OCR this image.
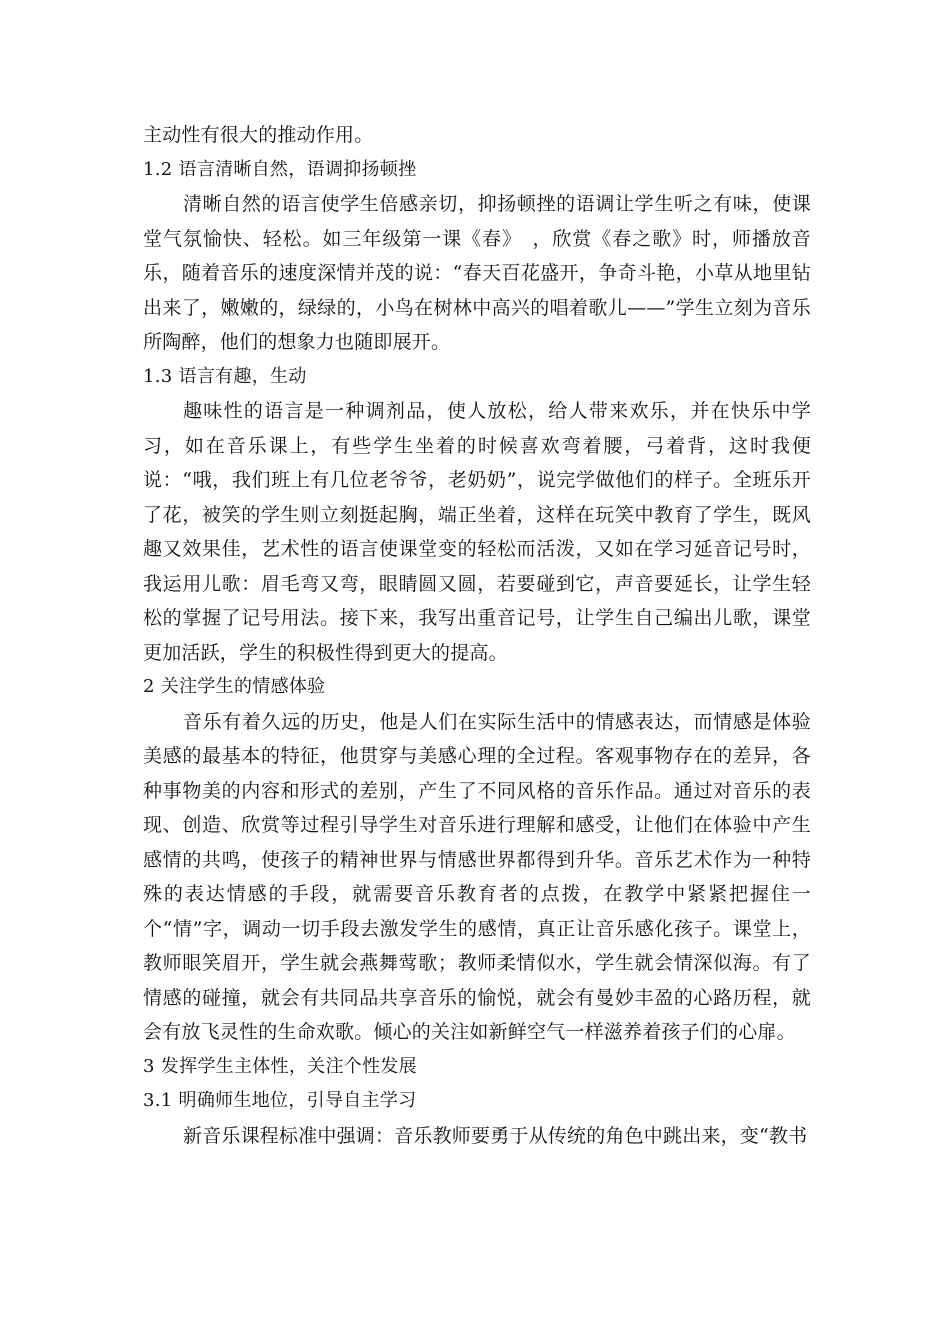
主动性有很大的推动作用。

1.2 语言清晰自然，语调抑扬顿挫

清晰自然的语言使学生倍感亲切，抑扬顿挫的语调让学生听之有味，使课堂气氛愉快、轻松。如三年级第一课《春》　，欣赏《春之歌》时，师播放音乐，随着音乐的速度深情并茂的说：“春天百花盛开，争奇斗艳，小草从地里钻出来了，嫩嫩的，绿绿的，小鸟在树林中高兴的唱着歌儿——”学生立刻为音乐所陶醉，他们的想象力也随即展开。

1.3 语言有趣，生动

趣味性的语言是一种调剂品，使人放松，给人带来欢乐，并在快乐中学习，如在音乐课上，有些学生坐着的时候喜欢弯着腰，弓着背，这时我便说：“哦，我们班上有几位老爷爷，老奶奶”，说完学做他们的样子。全班乐开了花，被笑的学生则立刻挺起胸，端正坐着，这样在玩笑中教育了学生，既风趣又效果佳，艺术性的语言使课堂变的轻松而活泼，又如在学习延音记号时，我运用儿歌：眉毛弯又弯，眼睛圆又圆，若要碰到它，声音要延长，让学生轻松的掌握了记号用法。接下来，我写出重音记号，让学生自己编出儿歌，课堂更加活跃，学生的积极性得到更大的提高。

2 关注学生的情感体验

音乐有着久远的历史，他是人们在实际生活中的情感表达，而情感是体验美感的最基本的特征，他贯穿与美感心理的全过程。客观事物存在的差异，各种事物美的内容和形式的差别，产生了不同风格的音乐作品。通过对音乐的表现、创造、欣赏等过程引导学生对音乐进行理解和感受，让他们在体验中产生感情的共鸣，使孩子的精神世界与情感世界都得到升华。音乐艺术作为一种特殊的表达情感的手段，就需要音乐教育者的点拨，在教学中紧紧把握住一个“情”字，调动一切手段去激发学生的感情，真正让音乐感化孩子。课堂上，教师眼笑眉开，学生就会燕舞莺歌；教师柔情似水，学生就会情深似海。有了情感的碰撞，就会有共同品共享音乐的愉悦，就会有曼妙丰盈的心路历程，就会有放飞灵性的生命欢歌。倾心的关注如新鲜空气一样滋养着孩子们的心扉。

3 发挥学生主体性，关注个性发展

3.1 明确师生地位，引导自主学习

新音乐课程标准中强调：音乐教师要勇于从传统的角色中跳出来，变“教书
